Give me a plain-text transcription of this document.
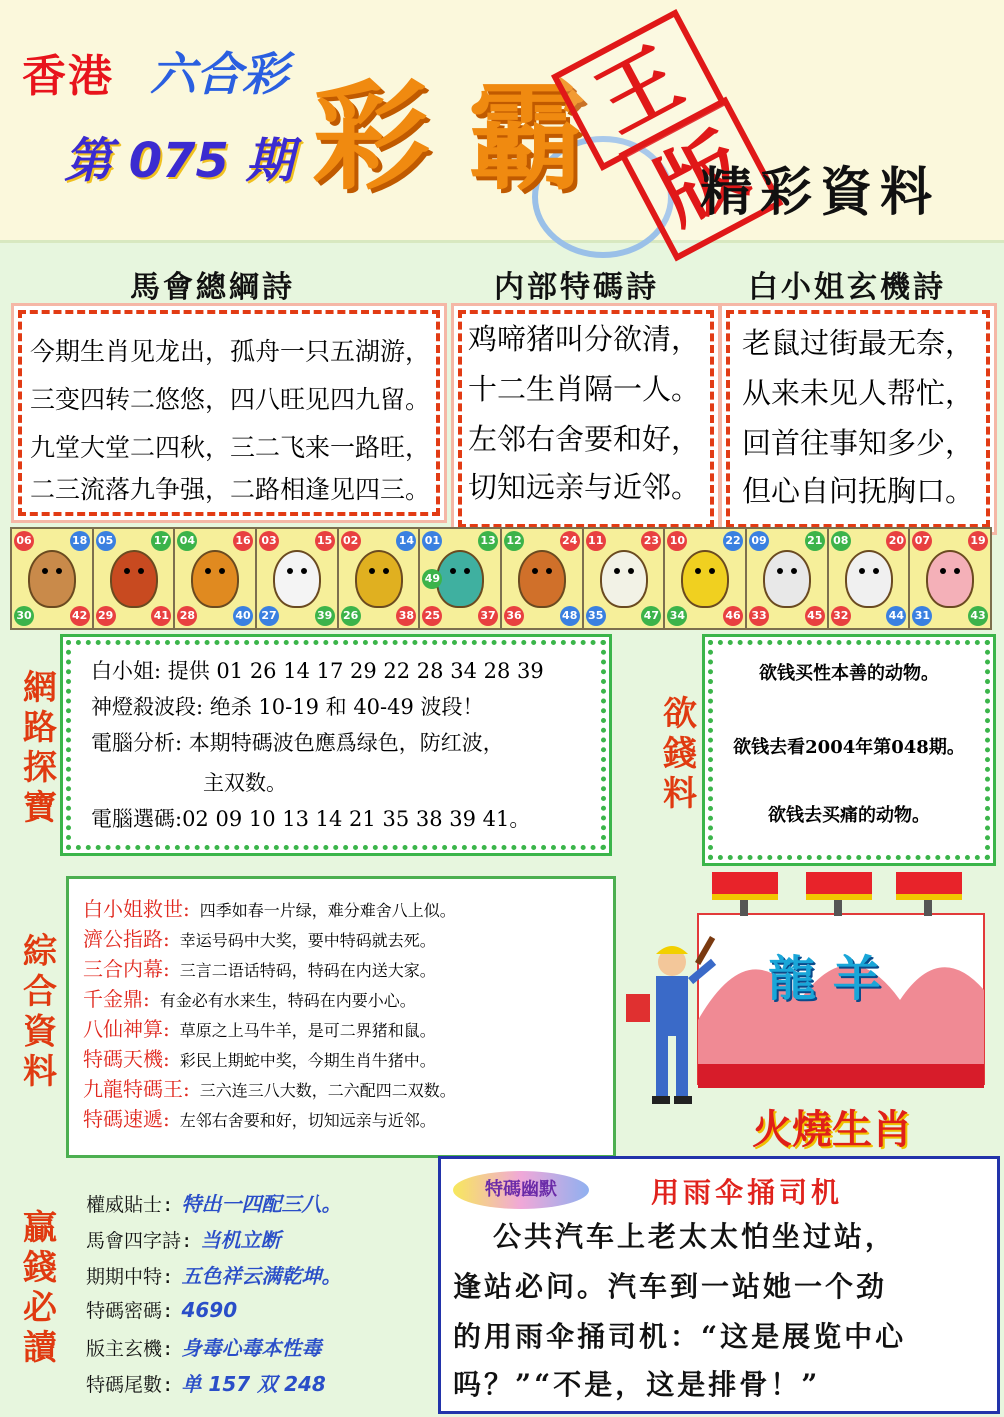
香港 六合彩
第 075 期 彩 霸
王
版
精彩資料
馬會總綱詩	内部特碼詩	白小姐玄機詩
今期生肖见龙出，孤舟一只五湖游，
三变四转二悠悠，四八旺见四九留。
九堂大堂二四秋，三二飞来一路旺，
二三流落九争强，二路相逢见四三。
鸡啼猪叫分欲清，
十二生肖隔一人。
左邻右舍要和好，
切知远亲与近邻。
老鼠过街最无奈，
从来未见人帮忙，
回首往事知多少，
但心自问抚胸口。
06	18
30	42
05	17
29	41
04	16
28	40
03	15
27	39
02	14
26	38
01	13
25	37
49
12	24
36	48
11	23
35	47
10	22
34	46
09	21
33	45
08	20
32	44
07	19
31	43
網
路
探
寶
白小姐: 提供 01 26 14 17 29 22 28 34 28 39
神燈殺波段: 绝杀 10-19 和 40-49 波段！
電腦分析: 本期特碼波色應爲绿色，防红波，
主双数。
電腦選碼:02 09 10 13 14 21 35 38 39 41。
欲
錢
料
欲钱买性本善的动物。
欲钱去看2004年第048期。
欲钱去买痛的动物。
綜
合
資
料
白小姐救世: 四季如春一片绿，难分难舍八上似。
濟公指路: 幸运号码中大奖，要中特码就去死。
三合内幕: 三言二语话特码，特码在内送大家。
千金鼎: 有金必有水来生，特码在内要小心。
八仙神算: 草原之上马牛羊，是可二界猪和鼠。
特碼天機: 彩民上期蛇中奖，今期生肖牛猪中。
九龍特碼王: 三六连三八大数，二六配四二双数。
特碼速遞: 左邻右舍要和好，切知远亲与近邻。
龍 羊
火燒生肖
贏
錢
必
讀
權威貼士: 特出一四配三八。
馬會四字詩: 当机立断
期期中特: 五色祥云满乾坤。
特碼密碼: 4690
版主玄機: 身毒心毒本性毒
特碼尾數: 单 157 双 248
特碼幽默	用雨伞捅司机
公共汽车上老太太怕坐过站，
逢站必问。汽车到一站她一个劲
的用雨伞捅司机：“这是展览中心
吗？”“不是，这是排骨！”
